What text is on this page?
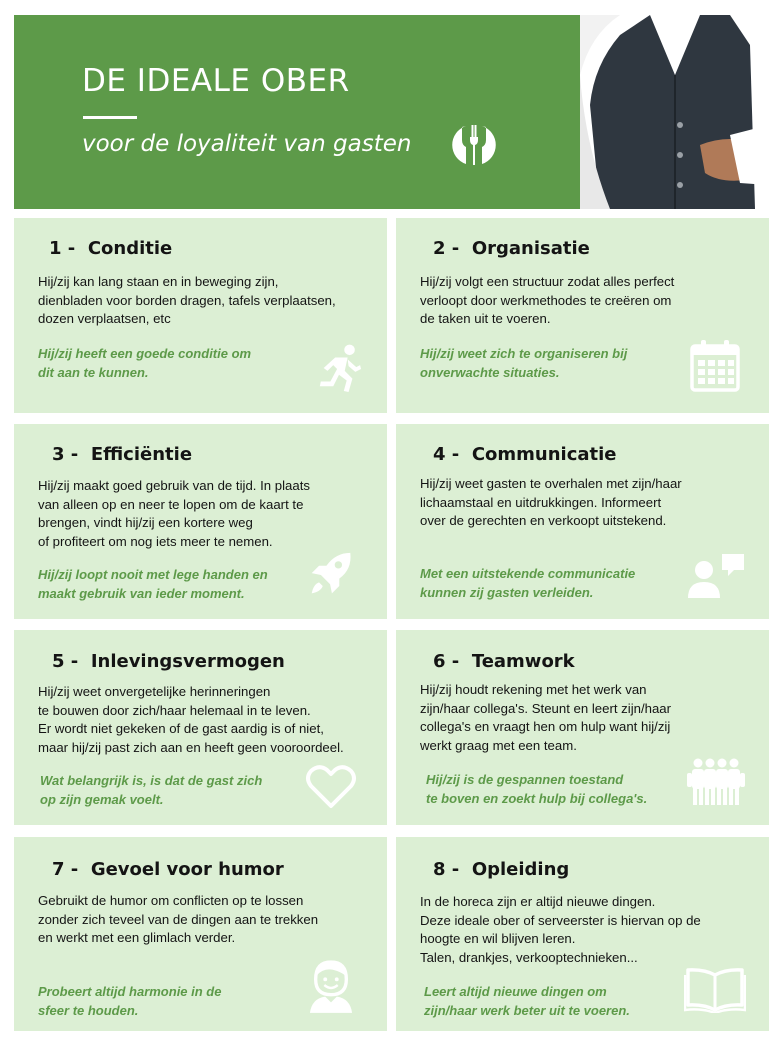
DE IDEALE OBER
voor de loyaliteit van gasten
1 - Conditie
Hij/zij kan lang staan en in beweging zijn,
dienbladen voor borden dragen, tafels verplaatsen,
dozen verplaatsen, etc
Hij/zij heeft een goede conditie om
dit aan te kunnen.
2 - Organisatie
Hij/zij volgt een structuur zodat alles perfect
verloopt door werkmethodes te creëren om
de taken uit te voeren.
Hij/zij weet zich te organiseren bij
onverwachte situaties.
3 - Efficiëntie
Hij/zij maakt goed gebruik van de tijd. In plaats
van alleen op en neer te lopen om de kaart te
brengen, vindt hij/zij een kortere weg
of profiteert om nog iets meer te nemen.
Hij/zij loopt nooit met lege handen en
maakt gebruik van ieder moment.
4 - Communicatie
Hij/zij weet gasten te overhalen met zijn/haar
lichaamstaal en uitdrukkingen. Informeert
over de gerechten en verkoopt uitstekend.
Met een uitstekende communicatie
kunnen zij gasten verleiden.
5 - Inlevingsvermogen
Hij/zij weet onvergetelijke herinneringen
te bouwen door zich/haar helemaal in te leven.
Er wordt niet gekeken of de gast aardig is of niet,
maar hij/zij past zich aan en heeft geen vooroordeel.
Wat belangrijk is, is dat de gast zich
op zijn gemak voelt.
6 - Teamwork
Hij/zij houdt rekening met het werk van
zijn/haar collega's. Steunt en leert zijn/haar
collega's en vraagt hen om hulp want hij/zij
werkt graag met een team.
Hij/zij is de gespannen toestand
te boven en zoekt hulp bij collega's.
7 - Gevoel voor humor
Gebruikt de humor om conflicten op te lossen
zonder zich teveel van de dingen aan te trekken
en werkt met een glimlach verder.
Probeert altijd harmonie in de
sfeer te houden.
8 - Opleiding
In de horeca zijn er altijd nieuwe dingen.
Deze ideale ober of serveerster is hiervan op de
hoogte en wil blijven leren.
Talen, drankjes, verkooptechnieken...
Leert altijd nieuwe dingen om
zijn/haar werk beter uit te voeren.
